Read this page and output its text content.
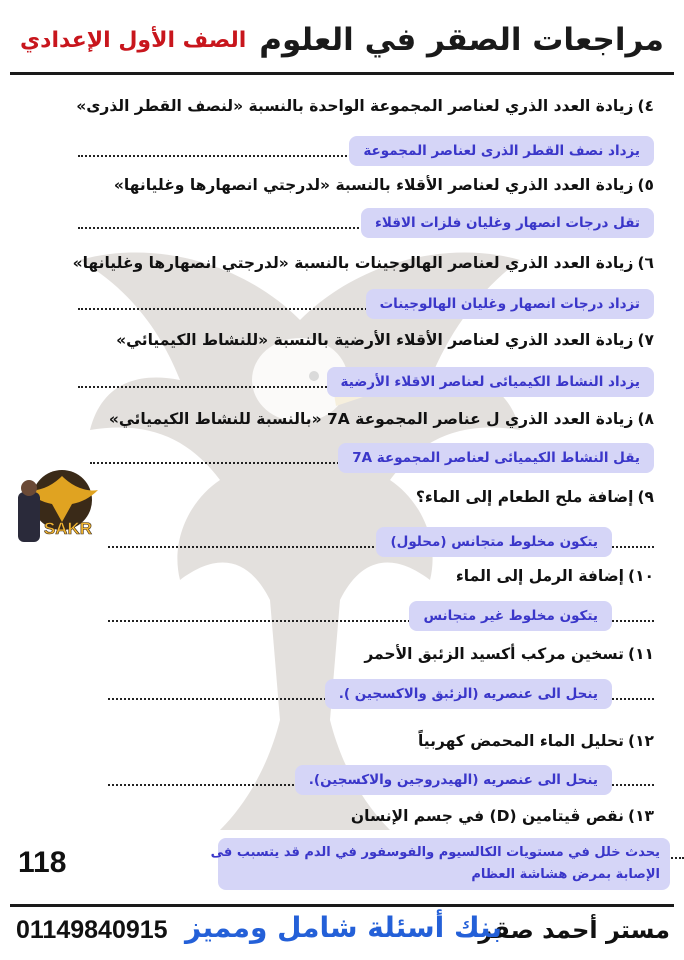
مراجعات الصقر في العلوم
الصف الأول الإعدادي
٤)زيادة العدد الذري لعناصر المجموعة الواحدة بالنسبة «لنصف القطر الذرى»
يزداد نصف القطر الذرى لعناصر المجموعة
٥)زيادة العدد الذري لعناصر الأقلاء بالنسبة «لدرجتي انصهارها وغليانها»
تقل درجات انصهار وغليان فلزات الاقلاء
٦)زيادة العدد الذري لعناصر الهالوجينات بالنسبة «لدرجتي انصهارها وغليانها»
تزداد درجات انصهار وغليان الهالوجينات
٧)زيادة العدد الذري لعناصر الأقلاء الأرضية بالنسبة «للنشاط الكيميائي»
يزداد النشاط الكيميائى لعناصر الاقلاء الأرضية
٨)زيادة العدد الذري ل عناصر المجموعة 7A «بالنسبة للنشاط الكيميائي»
يقل النشاط الكيميائى لعناصر المجموعة 7A
SAKR
٩)إضافة ملح الطعام إلى الماء؟
يتكون مخلوط متجانس (محلول)
١٠)إضافة الرمل إلى الماء
يتكون مخلوط غير متجانس
١١)تسخين مركب أكسيد الزئبق الأحمر
ينحل الى عنصريه (الزئبق والاكسجين ).
١٢)تحليل الماء المحمض كهربياً
ينحل الى عنصريه (الهيدروجين والاكسجين).
١٣)نقص ڤيتامين (D) في جسم الإنسان
يحدث خلل في مستويات الكالسيوم والفوسفور في الدم قد يتسبب فى
الإصابة بمرض هشاشة العظام
118
مستر أحمد صقر
بنك أسئلة شامل ومميز
01149840915
